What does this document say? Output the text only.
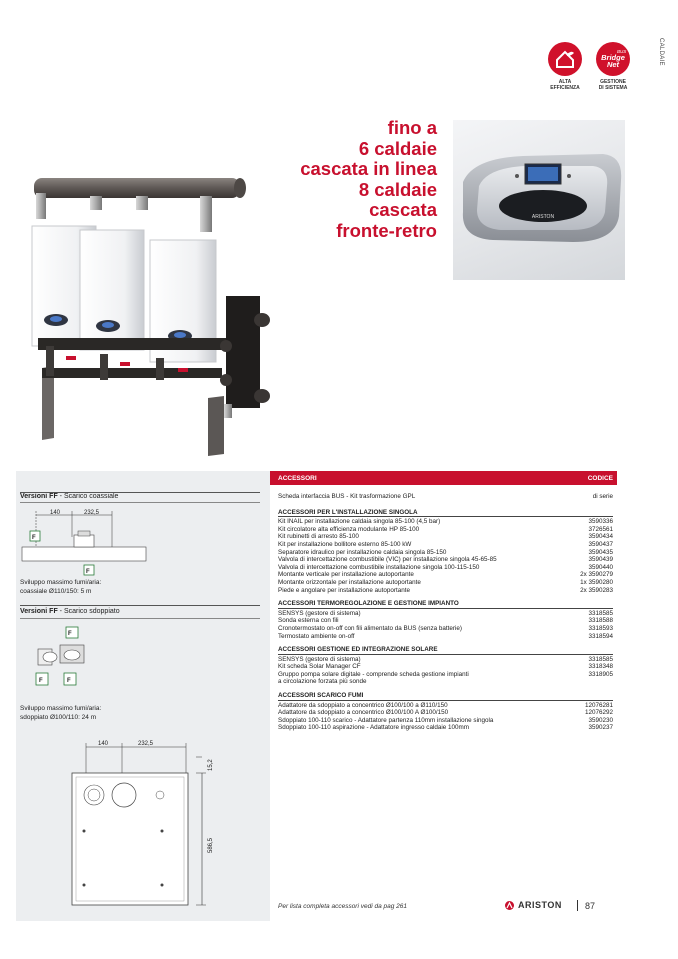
CALDAIE
ALTA
EFFICIENZA
BUS
Bridge
Net
GESTIONE
DI SISTEMA
fino a
6 caldaie
cascata in linea
8 caldaie
cascata
fronte-retro
ARISTON
Versioni FF - Scarico coassiale
140	232,5
F
F
Sviluppo massimo fumi/aria:
coassiale Ø110/150: 5 m
Versioni FF - Scarico sdoppiato
F
F	F
Sviluppo massimo fumi/aria:
sdoppiato Ø100/110: 24 m
140	232,5
15,2
586,5
ACCESSORI	CODICE
Scheda interfaccia BUS - Kit trasformazione GPL	di serie
ACCESSORI PER L'INSTALLAZIONE SINGOLA
Kit INAIL per installazione caldaia singola 85-100 (4,5 bar)	3590336
Kit circolatore alta efficienza modulante HP 85-100	3726561
Kit rubinetti di arresto 85-100	3590434
Kit per installazione bollitore esterno 85-100 kW	3590437
Separatore idraulico per installazione caldaia singola 85-150	3590435
Valvola di intercettazione combustibile (VIC) per installazione singola 45-65-85	3590439
Valvola di intercettazione combustibile installazione singola 100-115-150	3590440
Montante verticale per installazione autoportante	2x 3590279
Montante orizzontale per installazione autoportante	1x 3590280
Piede e angolare per installazione autoportante	2x 3590283
ACCESSORI TERMOREGOLAZIONE E GESTIONE IMPIANTO
SENSYS (gestore di sistema)	3318585
Sonda esterna con fili	3318588
Cronotermostato on-off con fili alimentato da BUS (senza batterie)	3318593
Termostato ambiente on-off	3318594
ACCESSORI GESTIONE ED INTEGRAZIONE SOLARE
SENSYS (gestore di sistema)	3318585
Kit scheda Solar Manager CF	3318348
Gruppo pompa solare digitale - comprende scheda gestione impianti	3318905
a circolazione forzata più sonde
ACCESSORI SCARICO FUMI
Adattatore da sdoppiato a concentrico Ø100/100 a Ø110/150	12076281
Adattatore da sdoppiato a concentrico Ø100/100 A Ø100/150	12076292
Sdoppiato 100-110 scarico - Adattatore partenza 110mm installazione singola	3590230
Sdoppiato 100-110 aspirazione - Adattatore ingresso caldaie 100mm	3590237
Per lista completa accessori vedi da pag 261	ARISTON	87
